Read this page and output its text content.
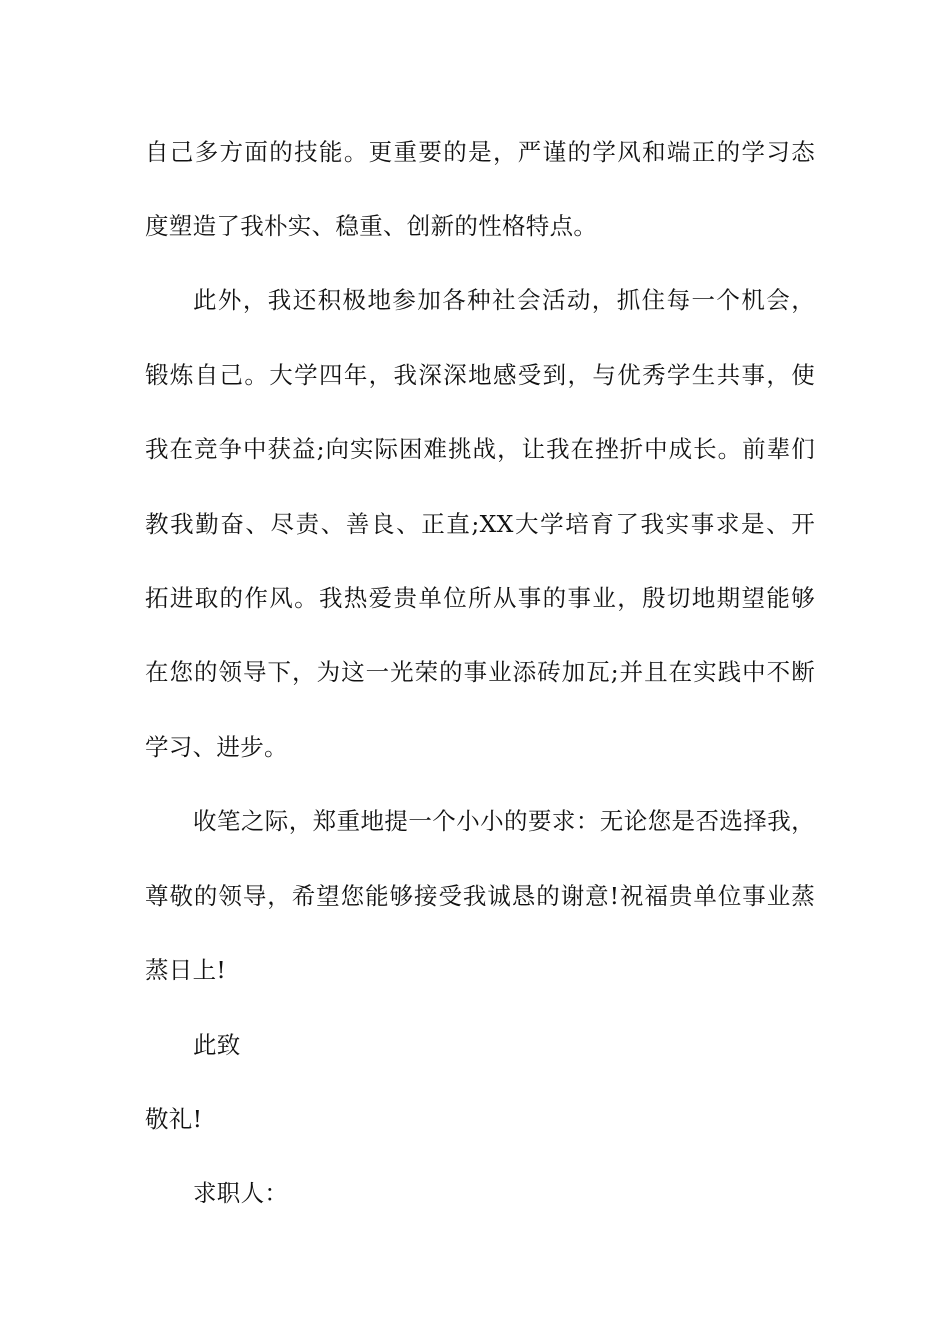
自己多方面的技能。更重要的是，严谨的学风和端正的学习态

度塑造了我朴实、稳重、创新的性格特点。

此外，我还积极地参加各种社会活动，抓住每一个机会，

锻炼自己。大学四年，我深深地感受到，与优秀学生共事，使

我在竞争中获益;向实际困难挑战，让我在挫折中成长。前辈们

教我勤奋、尽责、善良、正直;XX大学培育了我实事求是、开

拓进取的作风。我热爱贵单位所从事的事业，殷切地期望能够

在您的领导下，为这一光荣的事业添砖加瓦;并且在实践中不断

学习、进步。

收笔之际，郑重地提一个小小的要求：无论您是否选择我，

尊敬的领导，希望您能够接受我诚恳的谢意!祝福贵单位事业蒸

蒸日上!

此致

敬礼!

求职人：
